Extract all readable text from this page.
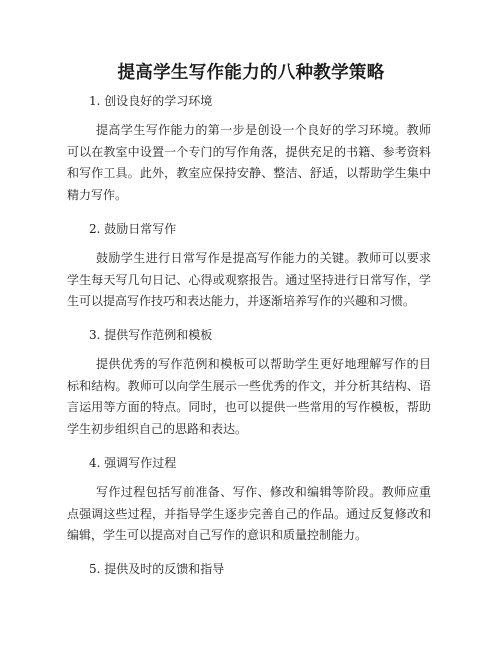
提高学生写作能力的八种教学策略
1. 创设良好的学习环境

提高学生写作能力的第一步是创设一个良好的学习环境。教师可以在教室中设置一个专门的写作角落，提供充足的书籍、参考资料和写作工具。此外，教室应保持安静、整洁、舒适，以帮助学生集中精力写作。

2. 鼓励日常写作

鼓励学生进行日常写作是提高写作能力的关键。教师可以要求学生每天写几句日记、心得或观察报告。通过坚持进行日常写作，学生可以提高写作技巧和表达能力，并逐渐培养写作的兴趣和习惯。

3. 提供写作范例和模板

提供优秀的写作范例和模板可以帮助学生更好地理解写作的目标和结构。教师可以向学生展示一些优秀的作文，并分析其结构、语言运用等方面的特点。同时，也可以提供一些常用的写作模板，帮助学生初步组织自己的思路和表达。

4. 强调写作过程

写作过程包括写前准备、写作、修改和编辑等阶段。教师应重点强调这些过程，并指导学生逐步完善自己的作品。通过反复修改和编辑，学生可以提高对自己写作的意识和质量控制能力。

5. 提供及时的反馈和指导
